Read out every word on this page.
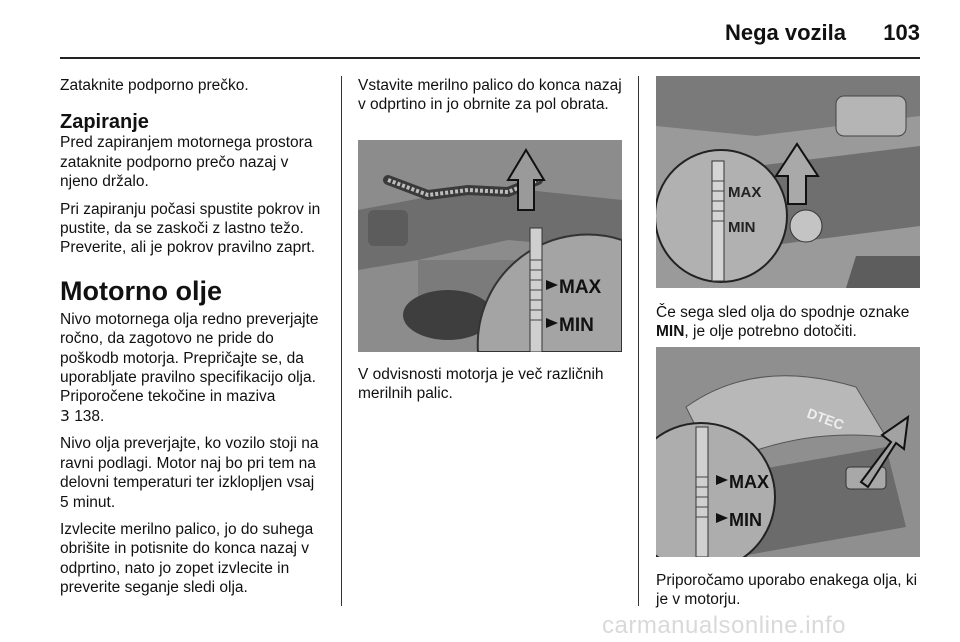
Nega vozila 103

Zataknite podporno prečko.

Zapiranje

Pred zapiranjem motornega prostora zataknite podporno prečo nazaj v njeno držalo.

Pri zapiranju počasi spustite pokrov in pustite, da se zaskoči z lastno težo. Preverite, ali je pokrov pravilno zaprt.

Motorno olje

Nivo motornega olja redno preverjajte ročno, da zagotovo ne pride do poškodb motorja. Prepričajte se, da uporabljate pravilno specifikacijo olja. Priporočene tekočine in maziva

3 138.

Nivo olja preverjajte, ko vozilo stoji na ravni podlagi. Motor naj bo pri tem na delovni temperaturi ter izklopljen vsaj 5 minut.

Izvlecite merilno palico, jo do suhega obrišite in potisnite do konca nazaj v odprtino, nato jo zopet izvlecite in preverite seganje sledi olja.

Vstavite merilno palico do konca nazaj v odprtino in jo obrnite za pol obrata.

MAX
MIN

V odvisnosti motorja je več različnih merilnih palic.

MAX
MIN

Če sega sled olja do spodnje oznake MIN, je olje potrebno dotočiti.

DTEC
MAX
MIN

Priporočamo uporabo enakega olja, ki je v motorju.

carmanualsonline.info
